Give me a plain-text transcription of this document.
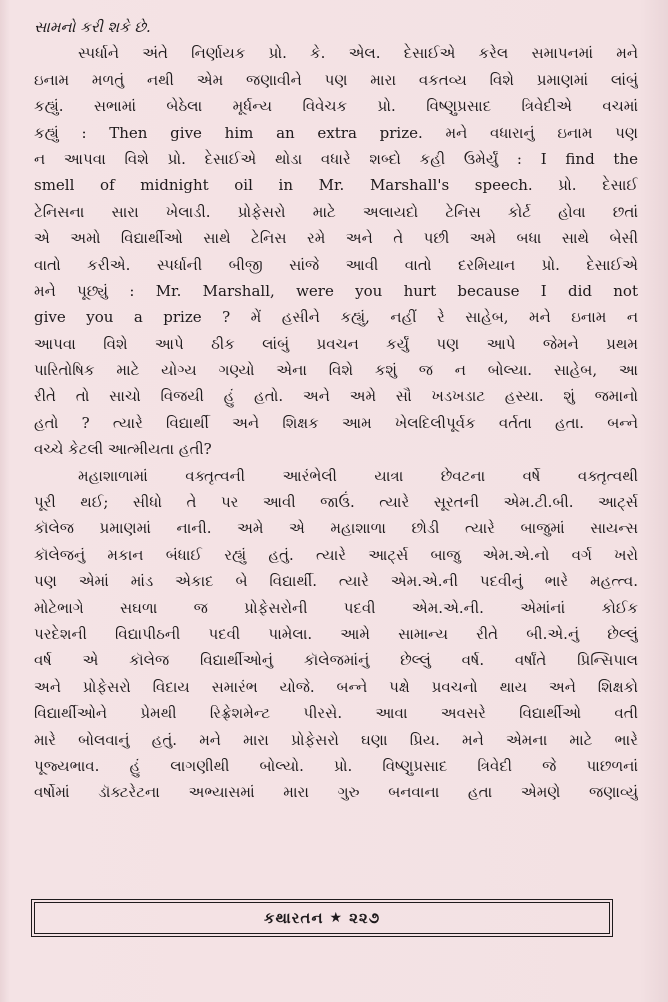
સામનો કરી શકે છે.
સ્પર્ધાને અંતે નિર્ણાયક પ્રો. કે. એલ. દેસાઈએ કરેલ સમાપનમાં મને
ઇનામ મળતું નથી એમ જણાવીને પણ મારા વકતવ્ય વિશે પ્રમાણમાં લાંબું
કહ્યું. સભામાં બેઠેલા મૂર્ધન્ય વિવેચક પ્રો. વિષ્ણુપ્રસાદ ત્રિવેદીએ વચમાં
કહ્યું : Then give him an extra prize. મને વધારાનું ઇનામ પણ
ન આપવા વિશે પ્રો. દેસાઈએ થોડા વધારે શબ્દો કહી ઉમેર્યું : I find the
smell of midnight oil in Mr. Marshall's speech. પ્રો. દેસાઈ
ટેનિસના સારા ખેલાડી. પ્રોફેસરો માટે અલાયદો ટેનિસ કોર્ટ હોવા છતાં
એ અમો વિદ્યાર્થીઓ સાથે ટેનિસ રમે અને તે પછી અમે બધા સાથે બેસી
વાતો કરીએ. સ્પર્ધાની બીજી સાંજે આવી વાતો દરમિયાન પ્રો. દેસાઈએ
મને પૂછ્યું : Mr. Marshall, were you hurt because I did not
give you a prize ? મેં હસીને કહ્યું, નહીં રે સાહેબ, મને ઇનામ ન
આપવા વિશે આપે ઠીક લાંબું પ્રવચન કર્યું પણ આપે જેમને પ્રથમ
પારિતોષિક માટે યોગ્ય ગણ્યો એના વિશે કશું જ ન બોલ્યા. સાહેબ, આ
રીતે તો સાચો વિજયી હું હતો. અને અમે સૌ ખડખડાટ હસ્યા. શું જમાનો
હતો ? ત્યારે વિદ્યાર્થી અને શિક્ષક આમ ખેલદિલીપૂર્વક વર્તતા હતા. બન્ને
વચ્ચે કેટલી આત્મીયતા હતી?
મહાશાળામાં વક્તૃત્વની આરંભેલી યાત્રા છેવટના વર્ષે વક્તૃત્વથી
પૂરી થઈ; સીધો તે પર આવી જાઉં. ત્યારે સૂરતની એમ.ટી.બી. આર્ટ્સ
કૉલેજ પ્રમાણમાં નાની. અમે એ મહાશાળા છોડી ત્યારે બાજુમાં સાયન્સ
કૉલેજનું મકાન બંધાઈ રહ્યું હતું. ત્યારે આર્ટ્સ બાજુ એમ.એ.નો વર્ગ ખરો
પણ એમાં માંડ એકાદ બે વિદ્યાર્થી. ત્યારે એમ.એ.ની પદવીનું ભારે મહત્ત્વ.
મોટેભાગે સઘળા જ પ્રોફેસરોની પદવી એમ.એ.ની. એમાંનાં કોઈક
પરદેશની વિદ્યાપીઠની પદવી પામેલા. આમે સામાન્ય રીતે બી.એ.નું છેલ્લું
વર્ષ એ કૉલેજ વિદ્યાર્થીઓનું કૉલેજમાંનું છેલ્લું વર્ષ. વર્ષાંતે પ્રિન્સિપાલ
અને પ્રોફેસરો વિદાય સમારંભ યોજે. બન્ને પક્ષે પ્રવચનો થાય અને શિક્ષકો
વિદ્યાર્થીઓને પ્રેમથી રિફ્રેશમેન્ટ પીરસે. આવા અવસરે વિદ્યાર્થીઓ વતી
મારે બોલવાનું હતું. મને મારા પ્રોફેસરો ઘણા પ્રિય. મને એમના માટે ભારે
પૂજ્યભાવ. હું લાગણીથી બોલ્યો. પ્રો. વિષ્ણુપ્રસાદ ત્રિવેદી જે પાછળનાં
વર્ષોમાં ડૉક્ટરેટના અભ્યાસમાં મારા ગુરુ બનવાના હતા એમણે જણાવ્યું
કથારતન ★ ૨૨૭
